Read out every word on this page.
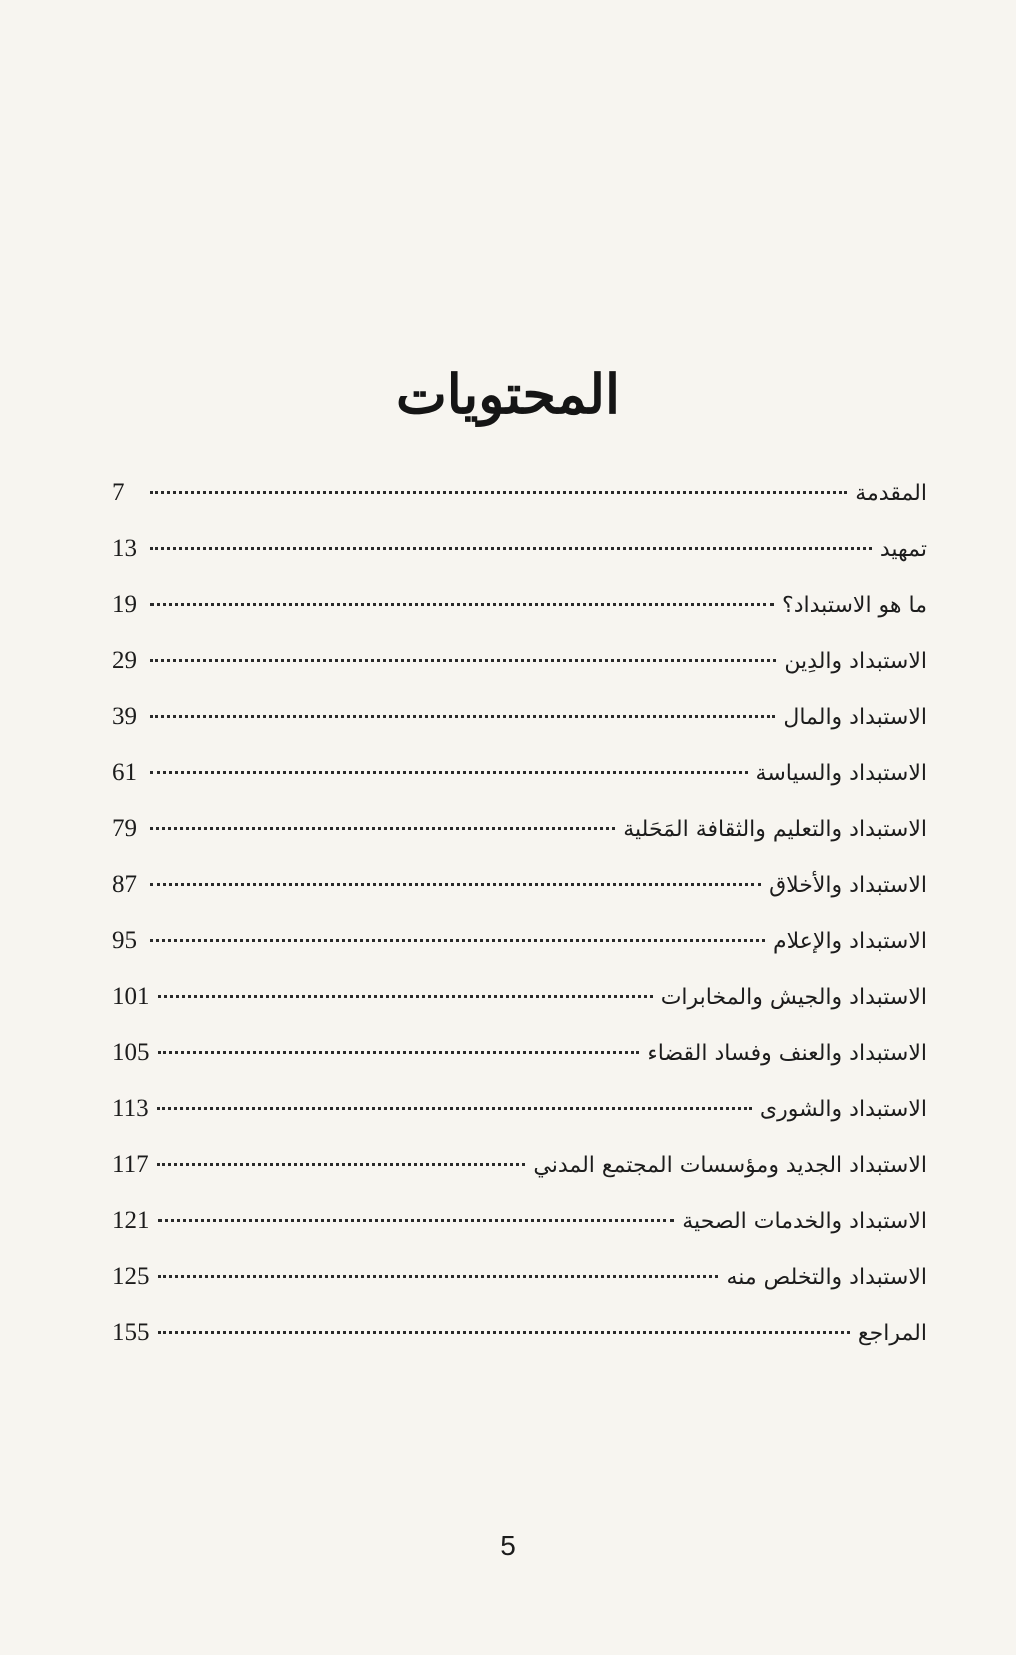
المحتويات
المقدمة
7
تمهيد
13
ما هو الاستبداد؟
19
الاستبداد والدِين
29
الاستبداد والمال
39
الاستبداد والسياسة
61
الاستبداد والتعليم والثقافة المَحَلية
79
الاستبداد والأخلاق
87
الاستبداد والإعلام
95
الاستبداد والجيش والمخابرات
101
الاستبداد والعنف وفساد القضاء
105
الاستبداد والشورى
113
الاستبداد الجديد ومؤسسات المجتمع المدني
117
الاستبداد والخدمات الصحية
121
الاستبداد والتخلص منه
125
المراجع
155
5
